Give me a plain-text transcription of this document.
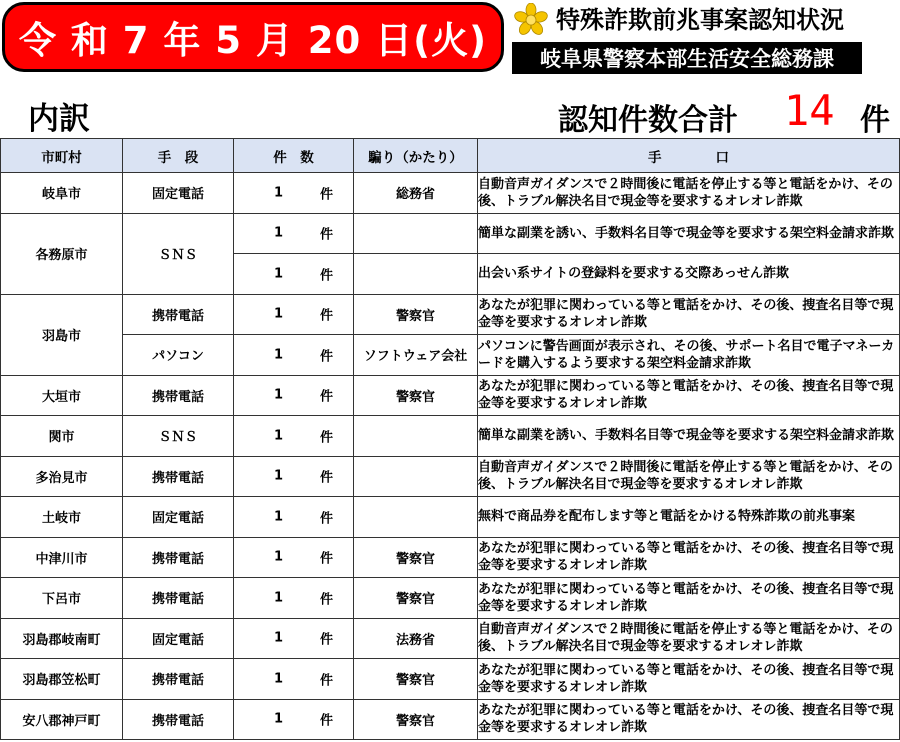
令 和 7 年 5 月 20 日(火)	特殊詐欺前兆事案認知状況
岐阜県警察本部生活安全総務課
内訳	認知件数合計 14 件
市町村	手　段	件　数	騙り（かたり）	手　　　　口
岐阜市	固定電話	1 件	総務省	自動音声ガイダンスで２時間後に電話を停止する等と電話をかけ、その後、トラブル解決名目で現金等を要求するオレオレ詐欺
各務原市	ＳＮＳ	1 件		簡単な副業を誘い、手数料名目等で現金等を要求する架空料金請求詐欺

		1 件		出会い系サイトの登録料を要求する交際あっせん詐欺
羽島市	携帯電話	1 件	警察官	あなたが犯罪に関わっている等と電話をかけ、その後、捜査名目等で現金等を要求するオレオレ詐欺
	パソコン	1 件	ソフトウェア会社	パソコンに警告画面が表示され、その後、サポート名目で電子マネーカードを購入するよう要求する架空料金請求詐欺
大垣市	携帯電話	1 件	警察官	あなたが犯罪に関わっている等と電話をかけ、その後、捜査名目等で現金等を要求するオレオレ詐欺
関市	ＳＮＳ	1 件		簡単な副業を誘い、手数料名目等で現金等を要求する架空料金請求詐欺
多治見市	携帯電話	1 件		自動音声ガイダンスで２時間後に電話を停止する等と電話をかけ、その後、トラブル解決名目で現金等を要求するオレオレ詐欺
土岐市	固定電話	1 件		無料で商品券を配布します等と電話をかける特殊詐欺の前兆事案
中津川市	携帯電話	1 件	警察官	あなたが犯罪に関わっている等と電話をかけ、その後、捜査名目等で現金等を要求するオレオレ詐欺
下呂市	携帯電話	1 件	警察官	あなたが犯罪に関わっている等と電話をかけ、その後、捜査名目等で現金等を要求するオレオレ詐欺
羽島郡岐南町	固定電話	1 件	法務省	自動音声ガイダンスで２時間後に電話を停止する等と電話をかけ、その後、トラブル解決名目で現金等を要求するオレオレ詐欺
羽島郡笠松町	携帯電話	1 件	警察官	あなたが犯罪に関わっている等と電話をかけ、その後、捜査名目等で現金等を要求するオレオレ詐欺
安八郡神戸町	携帯電話	1 件	警察官	あなたが犯罪に関わっている等と電話をかけ、その後、捜査名目等で現金等を要求するオレオレ詐欺
